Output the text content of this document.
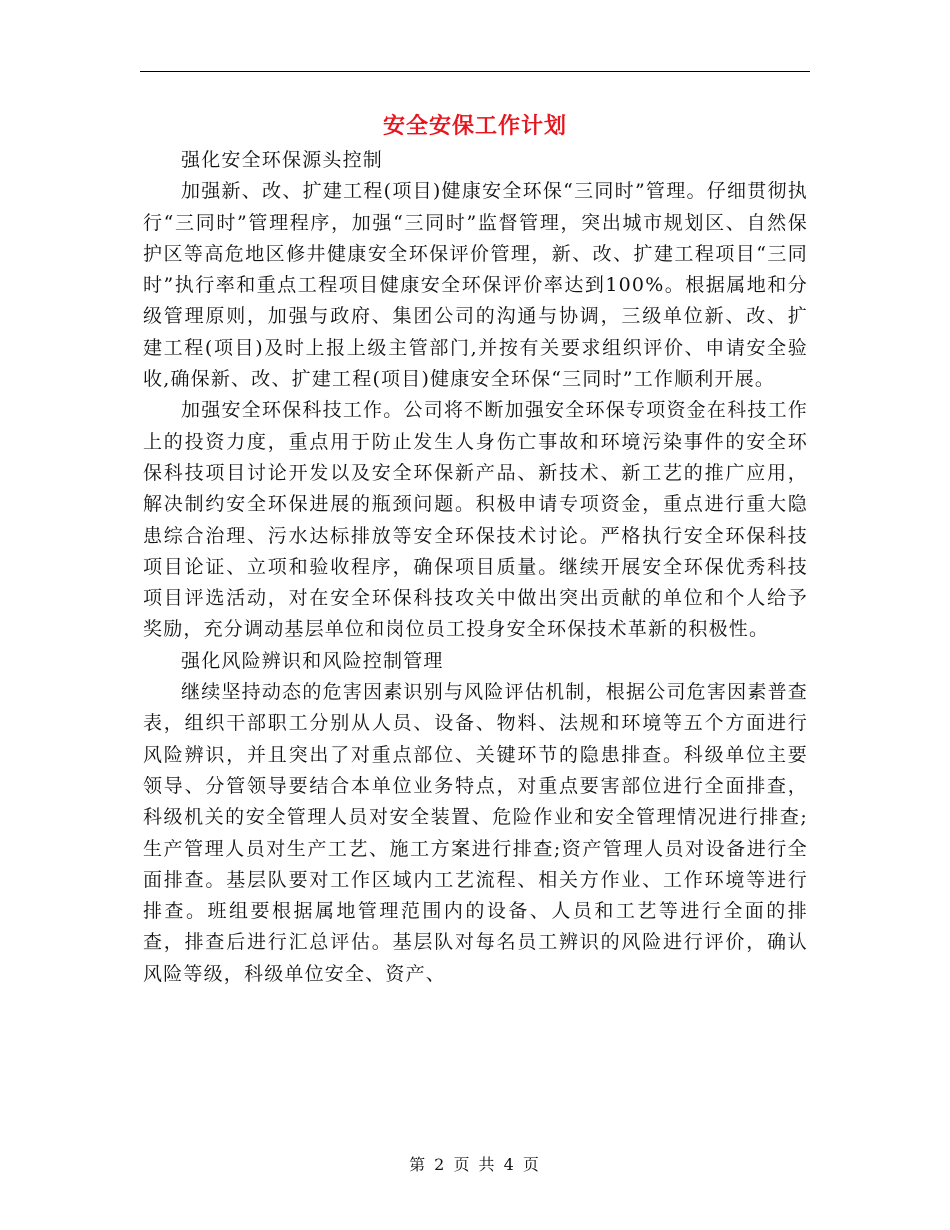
安全安保工作计划

强化安全环保源头控制

加强新、改、扩建工程(项目)健康安全环保“三同时”管理。仔细贯彻执行“三同时”管理程序，加强“三同时”监督管理，突出城市规划区、自然保护区等高危地区修井健康安全环保评价管理，新、改、扩建工程项目“三同时”执行率和重点工程项目健康安全环保评价率达到100%。根据属地和分级管理原则，加强与政府、集团公司的沟通与协调，三级单位新、改、扩建工程(项目)及时上报上级主管部门,并按有关要求组织评价、申请安全验收,确保新、改、扩建工程(项目)健康安全环保“三同时”工作顺利开展。

加强安全环保科技工作。公司将不断加强安全环保专项资金在科技工作上的投资力度，重点用于防止发生人身伤亡事故和环境污染事件的安全环保科技项目讨论开发以及安全环保新产品、新技术、新工艺的推广应用，解决制约安全环保进展的瓶颈问题。积极申请专项资金，重点进行重大隐患综合治理、污水达标排放等安全环保技术讨论。严格执行安全环保科技项目论证、立项和验收程序，确保项目质量。继续开展安全环保优秀科技项目评选活动，对在安全环保科技攻关中做出突出贡献的单位和个人给予奖励，充分调动基层单位和岗位员工投身安全环保技术革新的积极性。

强化风险辨识和风险控制管理

继续坚持动态的危害因素识别与风险评估机制，根据公司危害因素普查表，组织干部职工分别从人员、设备、物料、法规和环境等五个方面进行风险辨识，并且突出了对重点部位、关键环节的隐患排查。科级单位主要领导、分管领导要结合本单位业务特点，对重点要害部位进行全面排查，科级机关的安全管理人员对安全装置、危险作业和安全管理情况进行排查;生产管理人员对生产工艺、施工方案进行排查;资产管理人员对设备进行全面排查。基层队要对工作区域内工艺流程、相关方作业、工作环境等进行排查。班组要根据属地管理范围内的设备、人员和工艺等进行全面的排查，排查后进行汇总评估。基层队对每名员工辨识的风险进行评价，确认风险等级，科级单位安全、资产、

第 2 页 共 4 页
